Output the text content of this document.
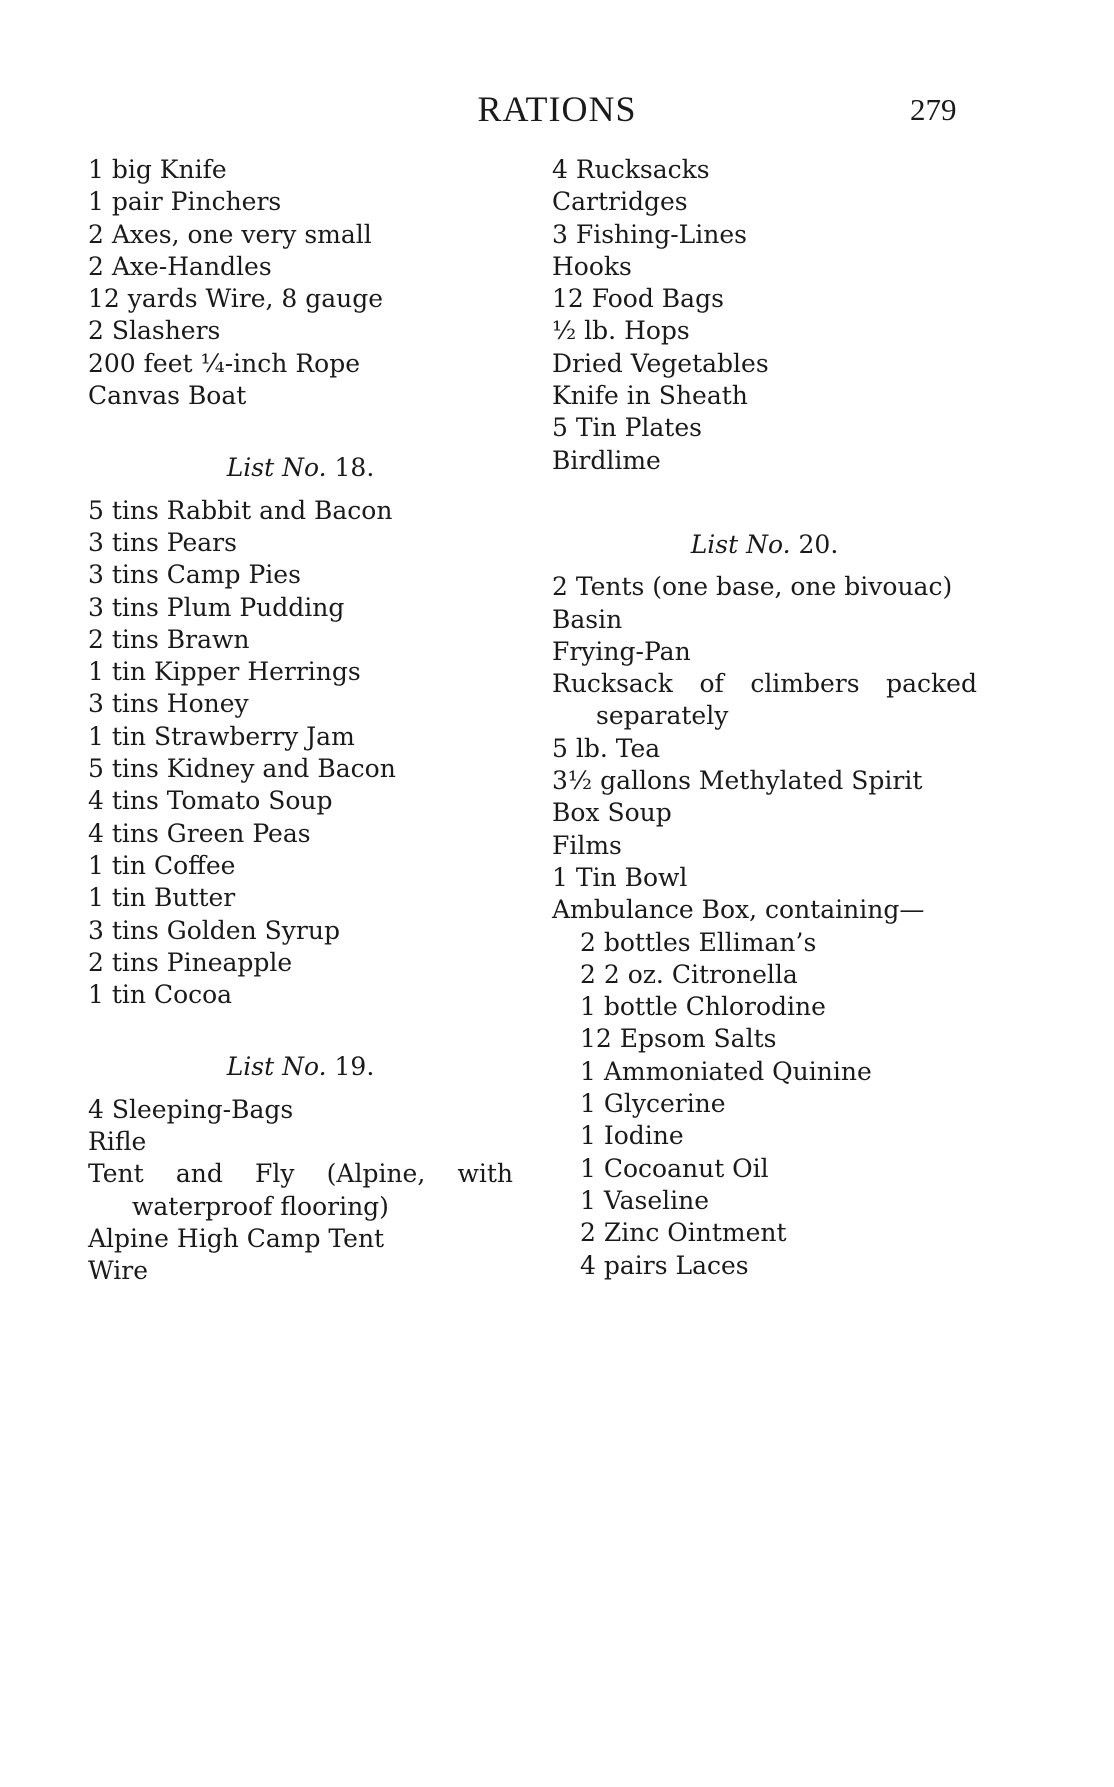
RATIONS	279
1 big Knife
1 pair Pinchers
2 Axes, one very small
2 Axe-Handles
12 yards Wire, 8 gauge
2 Slashers
200 feet ¼-inch Rope
Canvas Boat
List No. 18.
5 tins Rabbit and Bacon
3 tins Pears
3 tins Camp Pies
3 tins Plum Pudding
2 tins Brawn
1 tin Kipper Herrings
3 tins Honey
1 tin Strawberry Jam
5 tins Kidney and Bacon
4 tins Tomato Soup
4 tins Green Peas
1 tin Coffee
1 tin Butter
3 tins Golden Syrup
2 tins Pineapple
1 tin Cocoa
List No. 19.
4 Sleeping-Bags
Rifle
Tent and Fly (Alpine, with
waterproof flooring)
Alpine High Camp Tent
Wire
4 Rucksacks
Cartridges
3 Fishing-Lines
Hooks
12 Food Bags
½ lb. Hops
Dried Vegetables
Knife in Sheath
5 Tin Plates
Birdlime
List No. 20.
2 Tents (one base, one bivouac)
Basin
Frying-Pan
Rucksack of climbers packed
separately
5 lb. Tea
3½ gallons Methylated Spirit
Box Soup
Films
1 Tin Bowl
Ambulance Box, containing—
2 bottles Elliman’s
2 2 oz. Citronella
1 bottle Chlorodine
12 Epsom Salts
1 Ammoniated Quinine
1 Glycerine
1 Iodine
1 Cocoanut Oil
1 Vaseline
2 Zinc Ointment
4 pairs Laces
